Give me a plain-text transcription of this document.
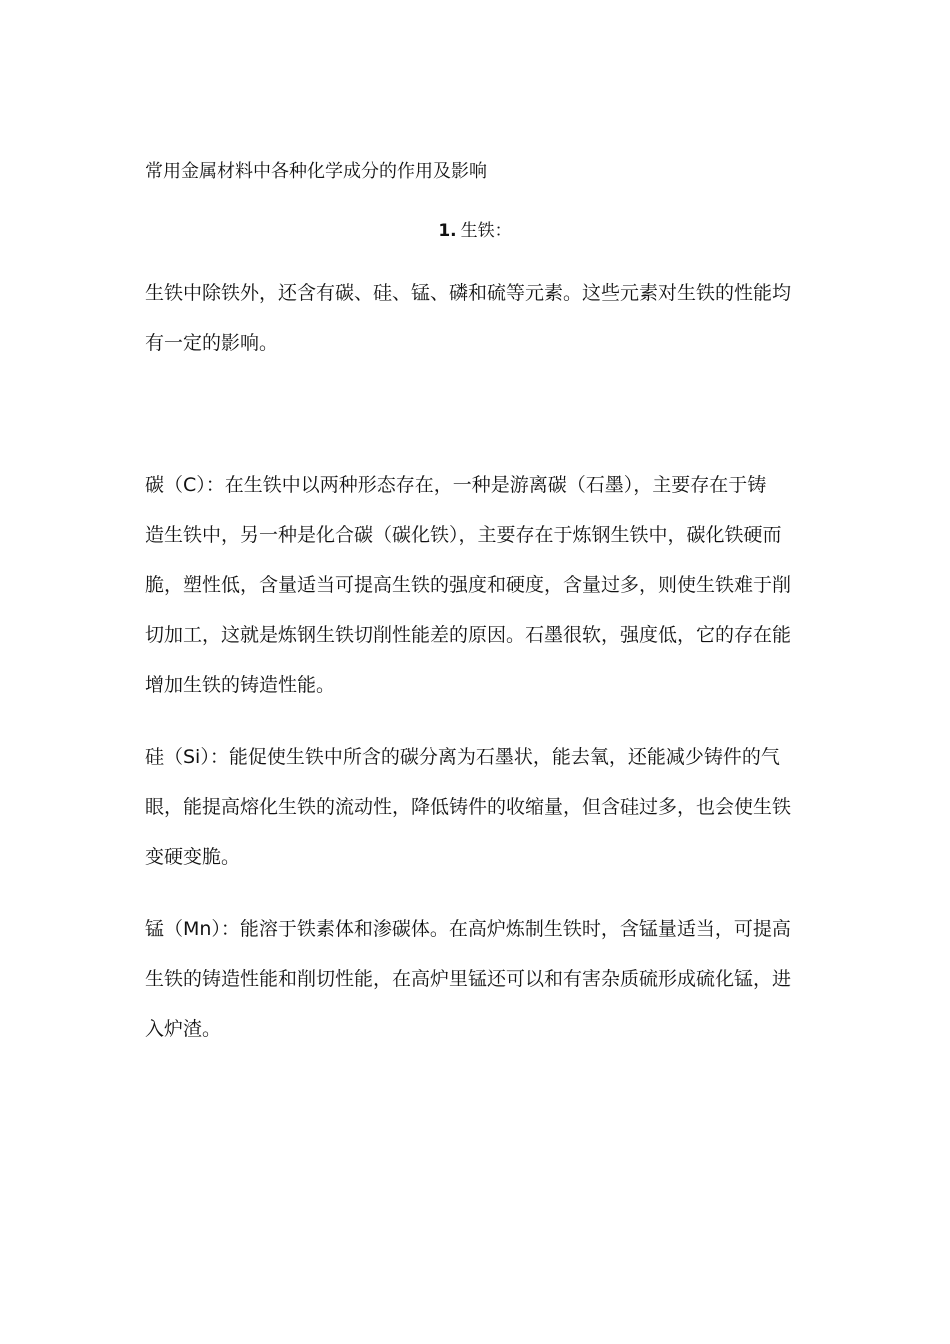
常用金属材料中各种化学成分的作用及影响
1. 生铁：

生铁中除铁外，还含有碳、硅、锰、磷和硫等元素。这些元素对生铁的性能均
有一定的影响。

碳（C）：在生铁中以两种形态存在，一种是游离碳（石墨），主要存在于铸
造生铁中，另一种是化合碳（碳化铁），主要存在于炼钢生铁中，碳化铁硬而
脆，塑性低，含量适当可提高生铁的强度和硬度，含量过多，则使生铁难于削
切加工，这就是炼钢生铁切削性能差的原因。石墨很软，强度低，它的存在能
增加生铁的铸造性能。

硅（Si）：能促使生铁中所含的碳分离为石墨状，能去氧，还能减少铸件的气
眼，能提高熔化生铁的流动性，降低铸件的收缩量，但含硅过多，也会使生铁
变硬变脆。

锰（Mn）：能溶于铁素体和渗碳体。在高炉炼制生铁时，含锰量适当，可提高
生铁的铸造性能和削切性能，在高炉里锰还可以和有害杂质硫形成硫化锰，进
入炉渣。
